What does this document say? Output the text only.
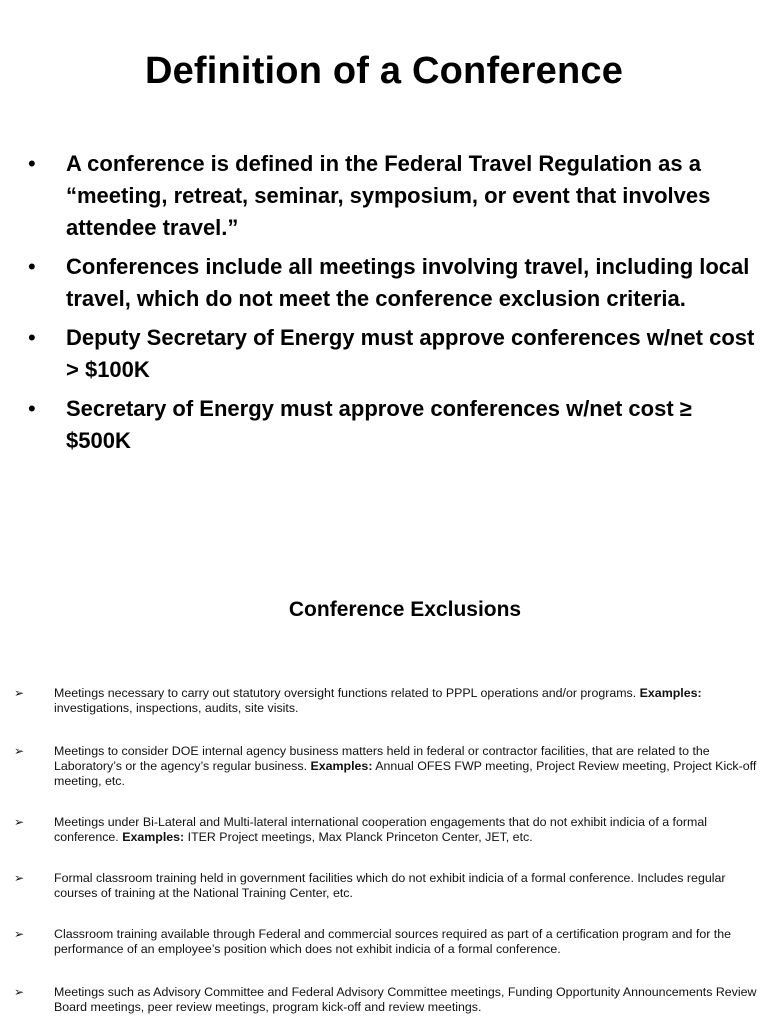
Definition of a Conference
•	A conference is defined in the Federal Travel Regulation as a “meeting, retreat, seminar, symposium, or event that involves attendee travel.”
•	Conferences include all meetings involving travel, including local travel, which do not meet the conference exclusion criteria.
•	Deputy Secretary of Energy must approve conferences w/net cost > $100K
•	Secretary of Energy must approve conferences w/net cost ≥ $500K
Conference Exclusions
➢ Meetings necessary to carry out statutory oversight functions related to PPPL operations and/or programs. Examples: investigations, inspections, audits, site visits.
➢ Meetings to consider DOE internal agency business matters held in federal or contractor facilities, that are related to the Laboratory’s or the agency’s regular business. Examples: Annual OFES FWP meeting, Project Review meeting, Project Kick-off meeting, etc.
➢ Meetings under Bi-Lateral and Multi-lateral international cooperation engagements that do not exhibit indicia of a formal conference. Examples: ITER Project meetings, Max Planck Princeton Center, JET, etc.
➢ Formal classroom training held in government facilities which do not exhibit indicia of a formal conference. Includes regular courses of training at the National Training Center, etc.
➢ Classroom training available through Federal and commercial sources required as part of a certification program and for the performance of an employee’s position which does not exhibit indicia of a formal conference.
➢ Meetings such as Advisory Committee and Federal Advisory Committee meetings, Funding Opportunity Announcements Review Board meetings, peer review meetings, program kick-off and review meetings.
